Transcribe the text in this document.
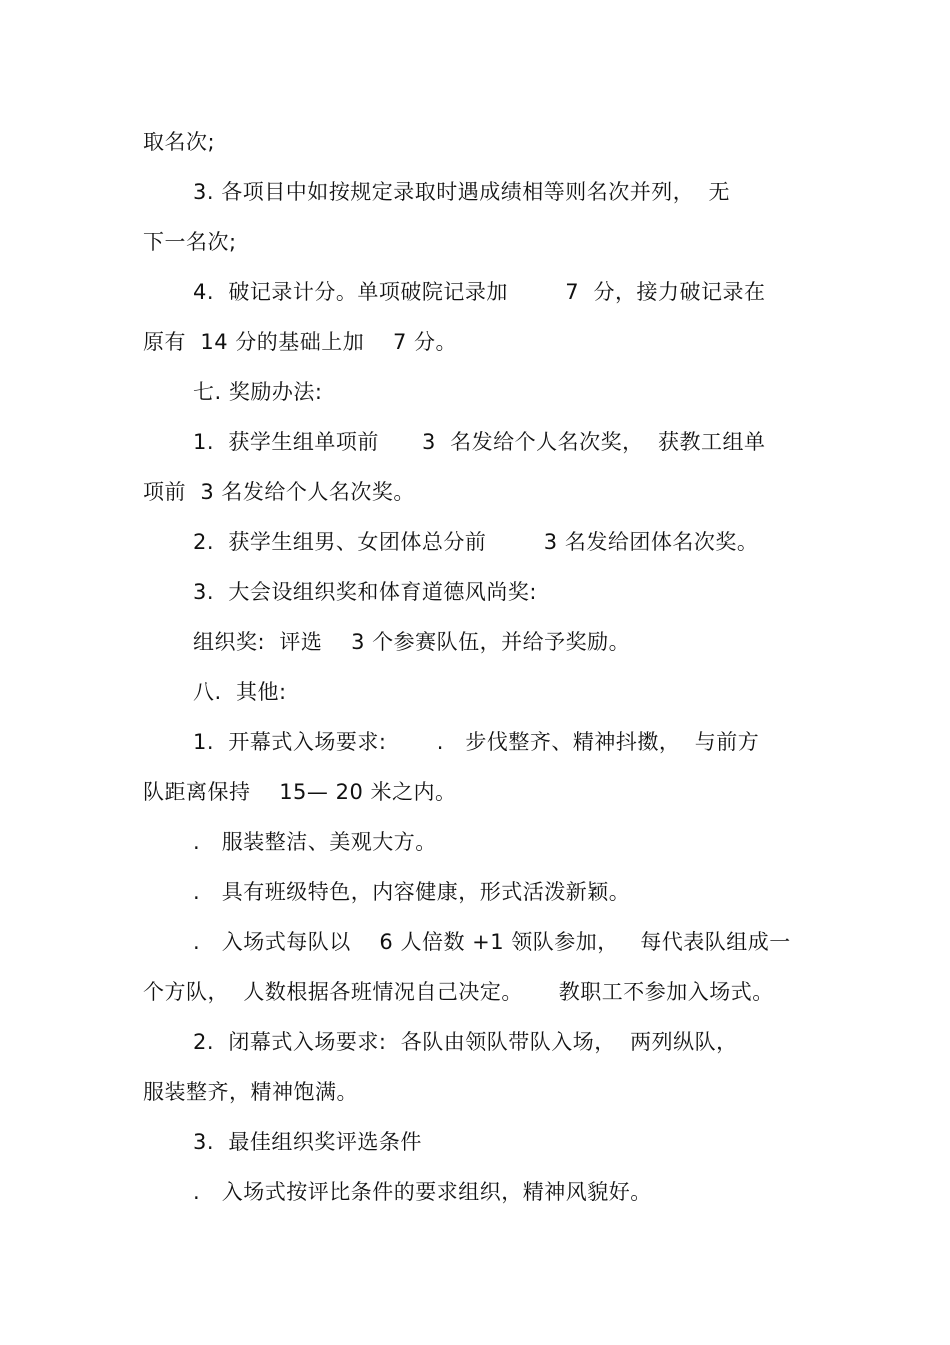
取名次;
3. 各项目中如按规定录取时遇成绩相等则名次并列，  无
下一名次;
4.  破记录计分。单项破院记录加        7  分，接力破记录在
原有  14 分的基础上加    7 分。
七. 奖励办法:
1.  获学生组单项前      3  名发给个人名次奖，  获教工组单
项前  3 名发给个人名次奖。
2.  获学生组男、女团体总分前        3 名发给团体名次奖。
3.  大会设组织奖和体育道德风尚奖:
组织奖:  评选    3 个参赛队伍，并给予奖励。
八.  其他:
1.  开幕式入场要求:       .   步伐整齐、精神抖擞，  与前方
队距离保持    15— 20 米之内。
.   服装整洁、美观大方。
.   具有班级特色，内容健康，形式活泼新颖。
.   入场式每队以    6 人倍数 +1 领队参加，   每代表队组成一
个方队，  人数根据各班情况自己决定。     教职工不参加入场式。
2.  闭幕式入场要求:  各队由领队带队入场，  两列纵队，
服装整齐，精神饱满。
3.  最佳组织奖评选条件
.   入场式按评比条件的要求组织，精神风貌好。
